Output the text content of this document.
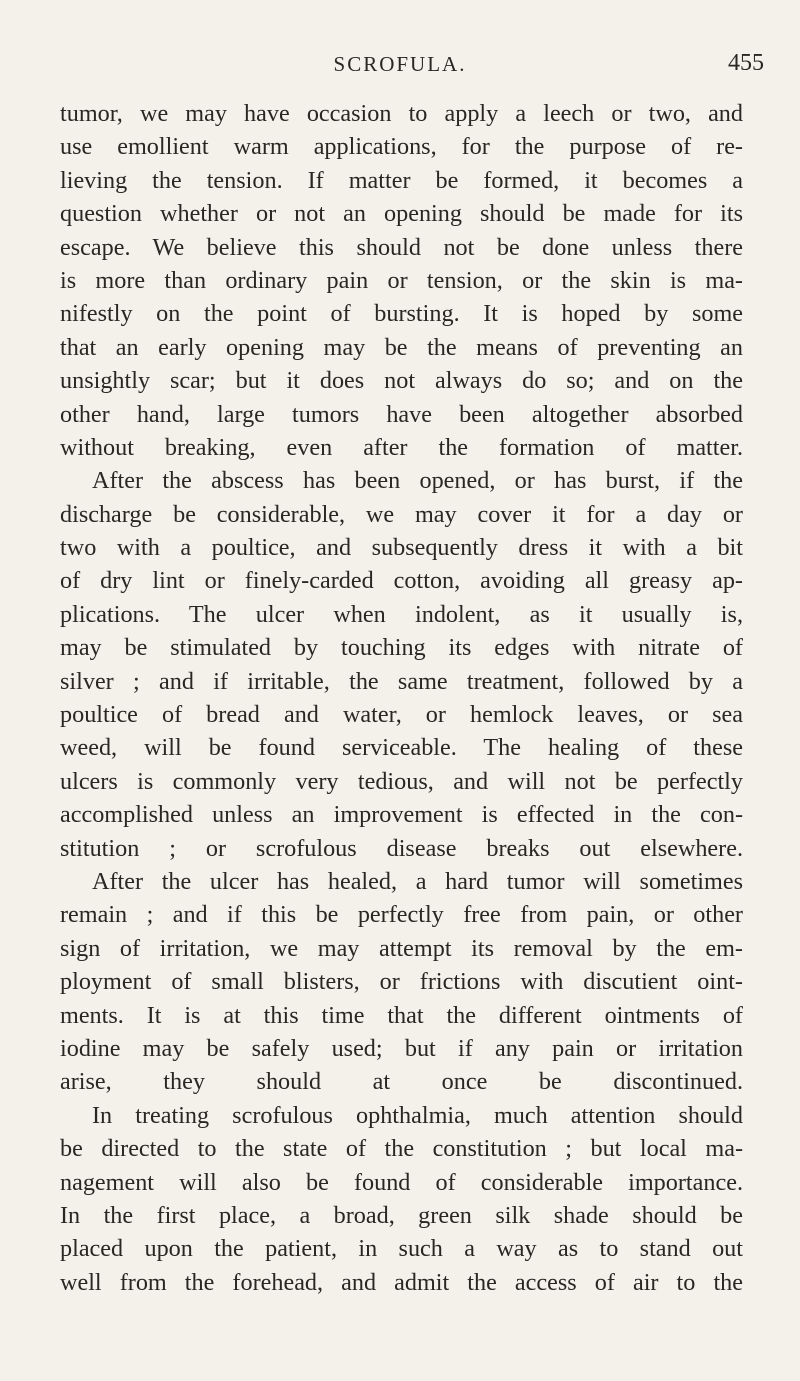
SCROFULA.	455
tumor, we may have occasion to apply a leech or two, and
use emollient warm applications, for the purpose of re-
lieving the tension. If matter be formed, it becomes a
question whether or not an opening should be made for its
escape. We believe this should not be done unless there
is more than ordinary pain or tension, or the skin is ma-
nifestly on the point of bursting. It is hoped by some
that an early opening may be the means of preventing an
unsightly scar; but it does not always do so; and on the
other hand, large tumors have been altogether absorbed
without breaking, even after the formation of matter.
After the abscess has been opened, or has burst, if the
discharge be considerable, we may cover it for a day or
two with a poultice, and subsequently dress it with a bit
of dry lint or finely-carded cotton, avoiding all greasy ap-
plications. The ulcer when indolent, as it usually is,
may be stimulated by touching its edges with nitrate of
silver ; and if irritable, the same treatment, followed by a
poultice of bread and water, or hemlock leaves, or sea
weed, will be found serviceable. The healing of these
ulcers is commonly very tedious, and will not be perfectly
accomplished unless an improvement is effected in the con-
stitution ; or scrofulous disease breaks out elsewhere.
After the ulcer has healed, a hard tumor will sometimes
remain ; and if this be perfectly free from pain, or other
sign of irritation, we may attempt its removal by the em-
ployment of small blisters, or frictions with discutient oint-
ments. It is at this time that the different ointments of
iodine may be safely used; but if any pain or irritation
arise, they should at once be discontinued.
In treating scrofulous ophthalmia, much attention should
be directed to the state of the constitution ; but local ma-
nagement will also be found of considerable importance.
In the first place, a broad, green silk shade should be
placed upon the patient, in such a way as to stand out
well from the forehead, and admit the access of air to the
